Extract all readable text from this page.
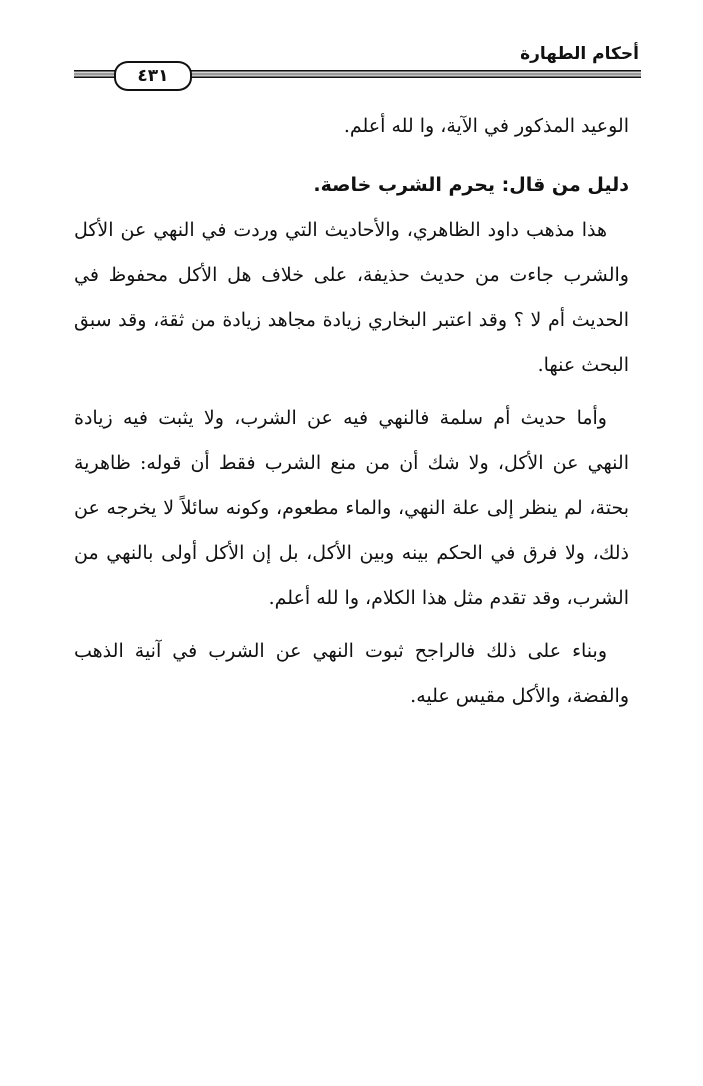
أحكام الطهارة
٤٣١

الوعيد المذكور في الآية، وا لله أعلم.

دليل من قال: يحرم الشرب خاصة.

هذا مذهب داود الظاهري، والأحاديث التي وردت في النهي عن الأكل والشرب جاءت من حديث حذيفة، على خلاف هل الأكل محفوظ في الحديث أم لا ؟ وقد اعتبر البخاري زيادة مجاهد زيادة من ثقة، وقد سبق البحث عنها.

وأما حديث أم سلمة فالنهي فيه عن الشرب، ولا يثبت فيه زيادة النهي عن الأكل، ولا شك أن من منع الشرب فقط أن قوله: ظاهرية بحتة، لم ينظر إلى علة النهي، والماء مطعوم، وكونه سائلاً لا يخرجه عن ذلك، ولا فرق في الحكم بينه وبين الأكل، بل إن الأكل أولى بالنهي من الشرب، وقد تقدم مثل هذا الكلام، وا لله أعلم.

وبناء على ذلك فالراجح ثبوت النهي عن الشرب في آنية الذهب والفضة، والأكل مقيس عليه.
